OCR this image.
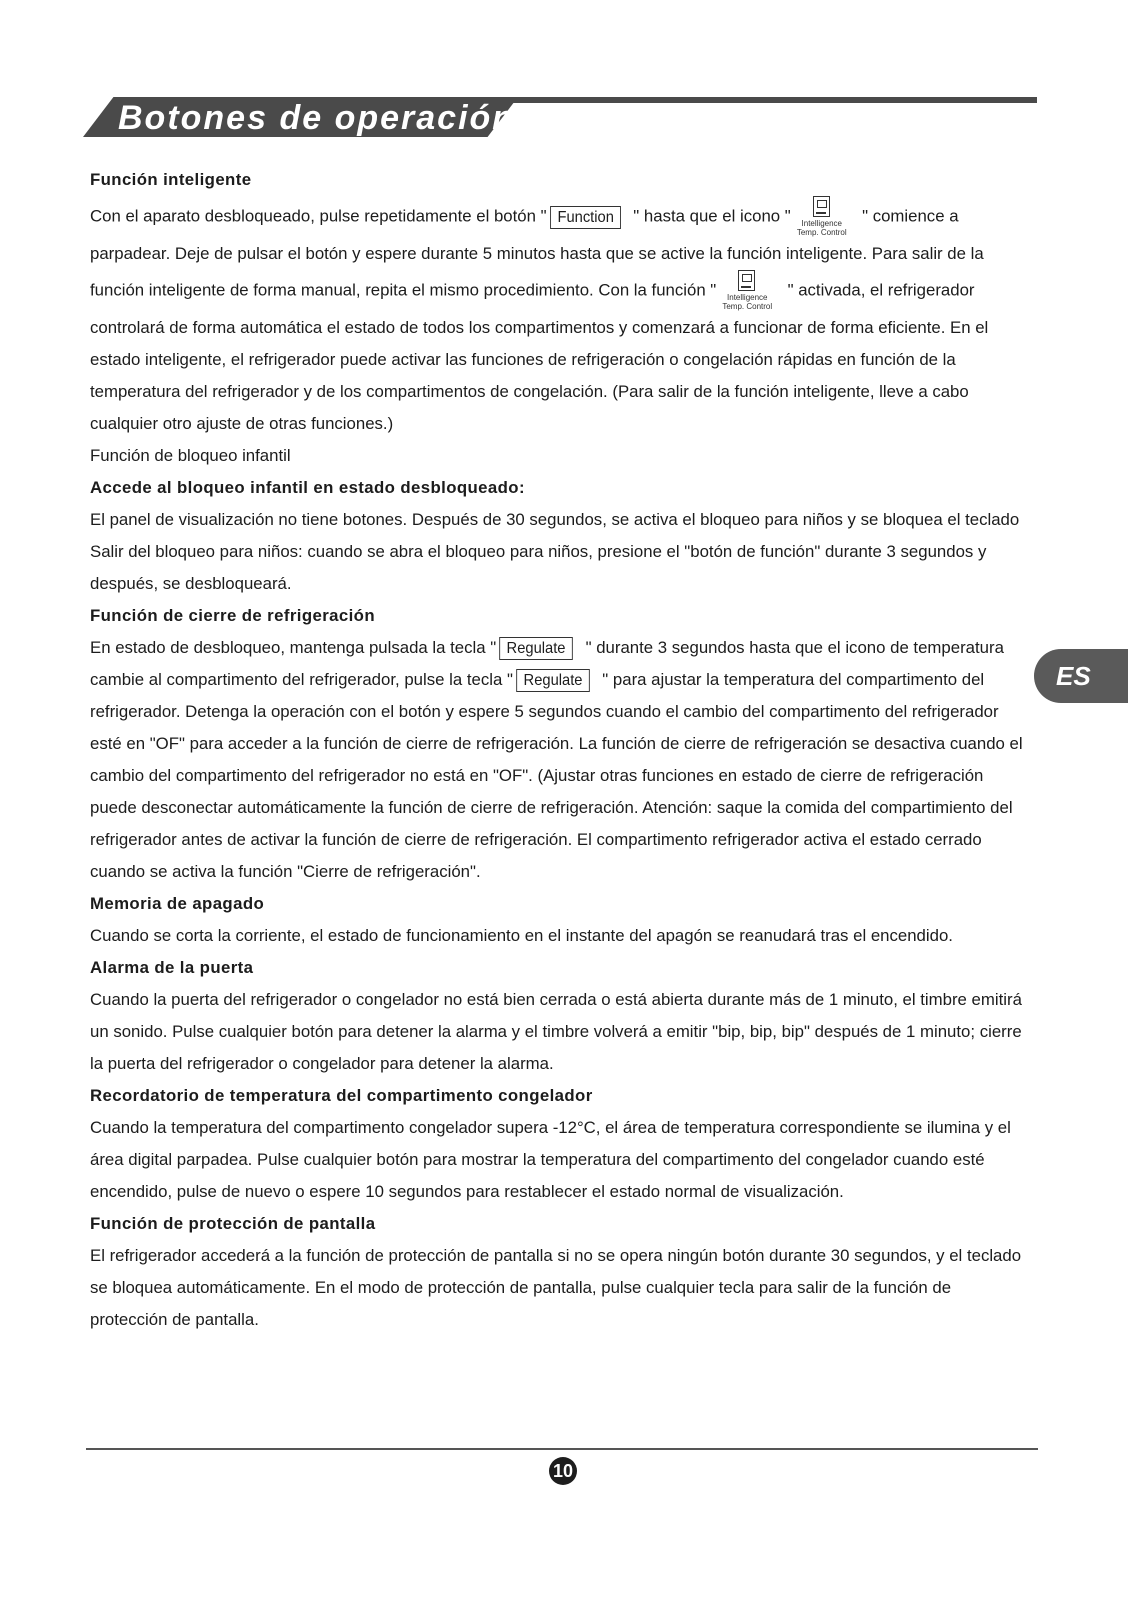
Botones de operación
ES

Función inteligente

Con el aparato desbloqueado, pulse repetidamente el botón " Function " hasta que el icono "	Intelligence
Temp. Control
" comience a parpadear. Deje de pulsar el botón y espere durante 5 minutos hasta que se active la función inteligente. Para salir de la función inteligente de forma manual, repita el mismo procedimiento. Con la función "	Intelligence
Temp. Control
" activada, el refrigerador controlará de forma automática el estado de todos los compartimentos y comenzará a funcionar de forma eficiente. En el estado inteligente, el refrigerador puede activar las funciones de refrigeración o congelación rápidas en función de la temperatura del refrigerador y de los compartimentos de congelación. (Para salir de la función inteligente, lleve a cabo cualquier otro ajuste de otras funciones.)

Función de bloqueo infantil

Accede al bloqueo infantil en estado desbloqueado:

El panel de visualización no tiene botones. Después de 30 segundos, se activa el bloqueo para niños y se bloquea el teclado

Salir del bloqueo para niños: cuando se abra el bloqueo para niños, presione el "botón de función" durante 3 segundos y después, se desbloqueará.

Función de cierre de refrigeración

En estado de desbloqueo, mantenga pulsada la tecla " Regulate " durante 3 segundos hasta que el icono de temperatura cambie al compartimento del refrigerador, pulse la tecla " Regulate " para ajustar la temperatura del compartimento del refrigerador. Detenga la operación con el botón y espere 5 segundos cuando el cambio del compartimento del refrigerador esté en "OF" para acceder a la función de cierre de refrigeración. La función de cierre de refrigeración se desactiva cuando el cambio del compartimento del refrigerador no está en "OF". (Ajustar otras funciones en estado de cierre de refrigeración puede desconectar automáticamente la función de cierre de refrigeración. Atención: saque la comida del compartimiento del refrigerador antes de activar la función de cierre de refrigeración. El compartimento refrigerador activa el estado cerrado cuando se activa la función "Cierre de refrigeración".

Memoria de apagado

Cuando se corta la corriente, el estado de funcionamiento en el instante del apagón se reanudará tras el encendido.

Alarma de la puerta

Cuando la puerta del refrigerador o congelador no está bien cerrada o está abierta durante más de 1 minuto, el timbre emitirá un sonido. Pulse cualquier botón para detener la alarma y el timbre volverá a emitir "bip, bip, bip" después de 1 minuto; cierre la puerta del refrigerador o congelador para detener la alarma.

Recordatorio de temperatura del compartimento congelador

Cuando la temperatura del compartimento congelador supera -12°C, el área de temperatura correspondiente se ilumina y el área digital parpadea. Pulse cualquier botón para mostrar la temperatura del compartimento del congelador cuando esté encendido, pulse de nuevo o espere 10 segundos para restablecer el estado normal de visualización.

Función de protección de pantalla

El refrigerador accederá a la función de protección de pantalla si no se opera ningún botón durante 30 segundos, y el teclado se bloquea automáticamente. En el modo de protección de pantalla, pulse cualquier tecla para salir de la función de protección de pantalla.

10
